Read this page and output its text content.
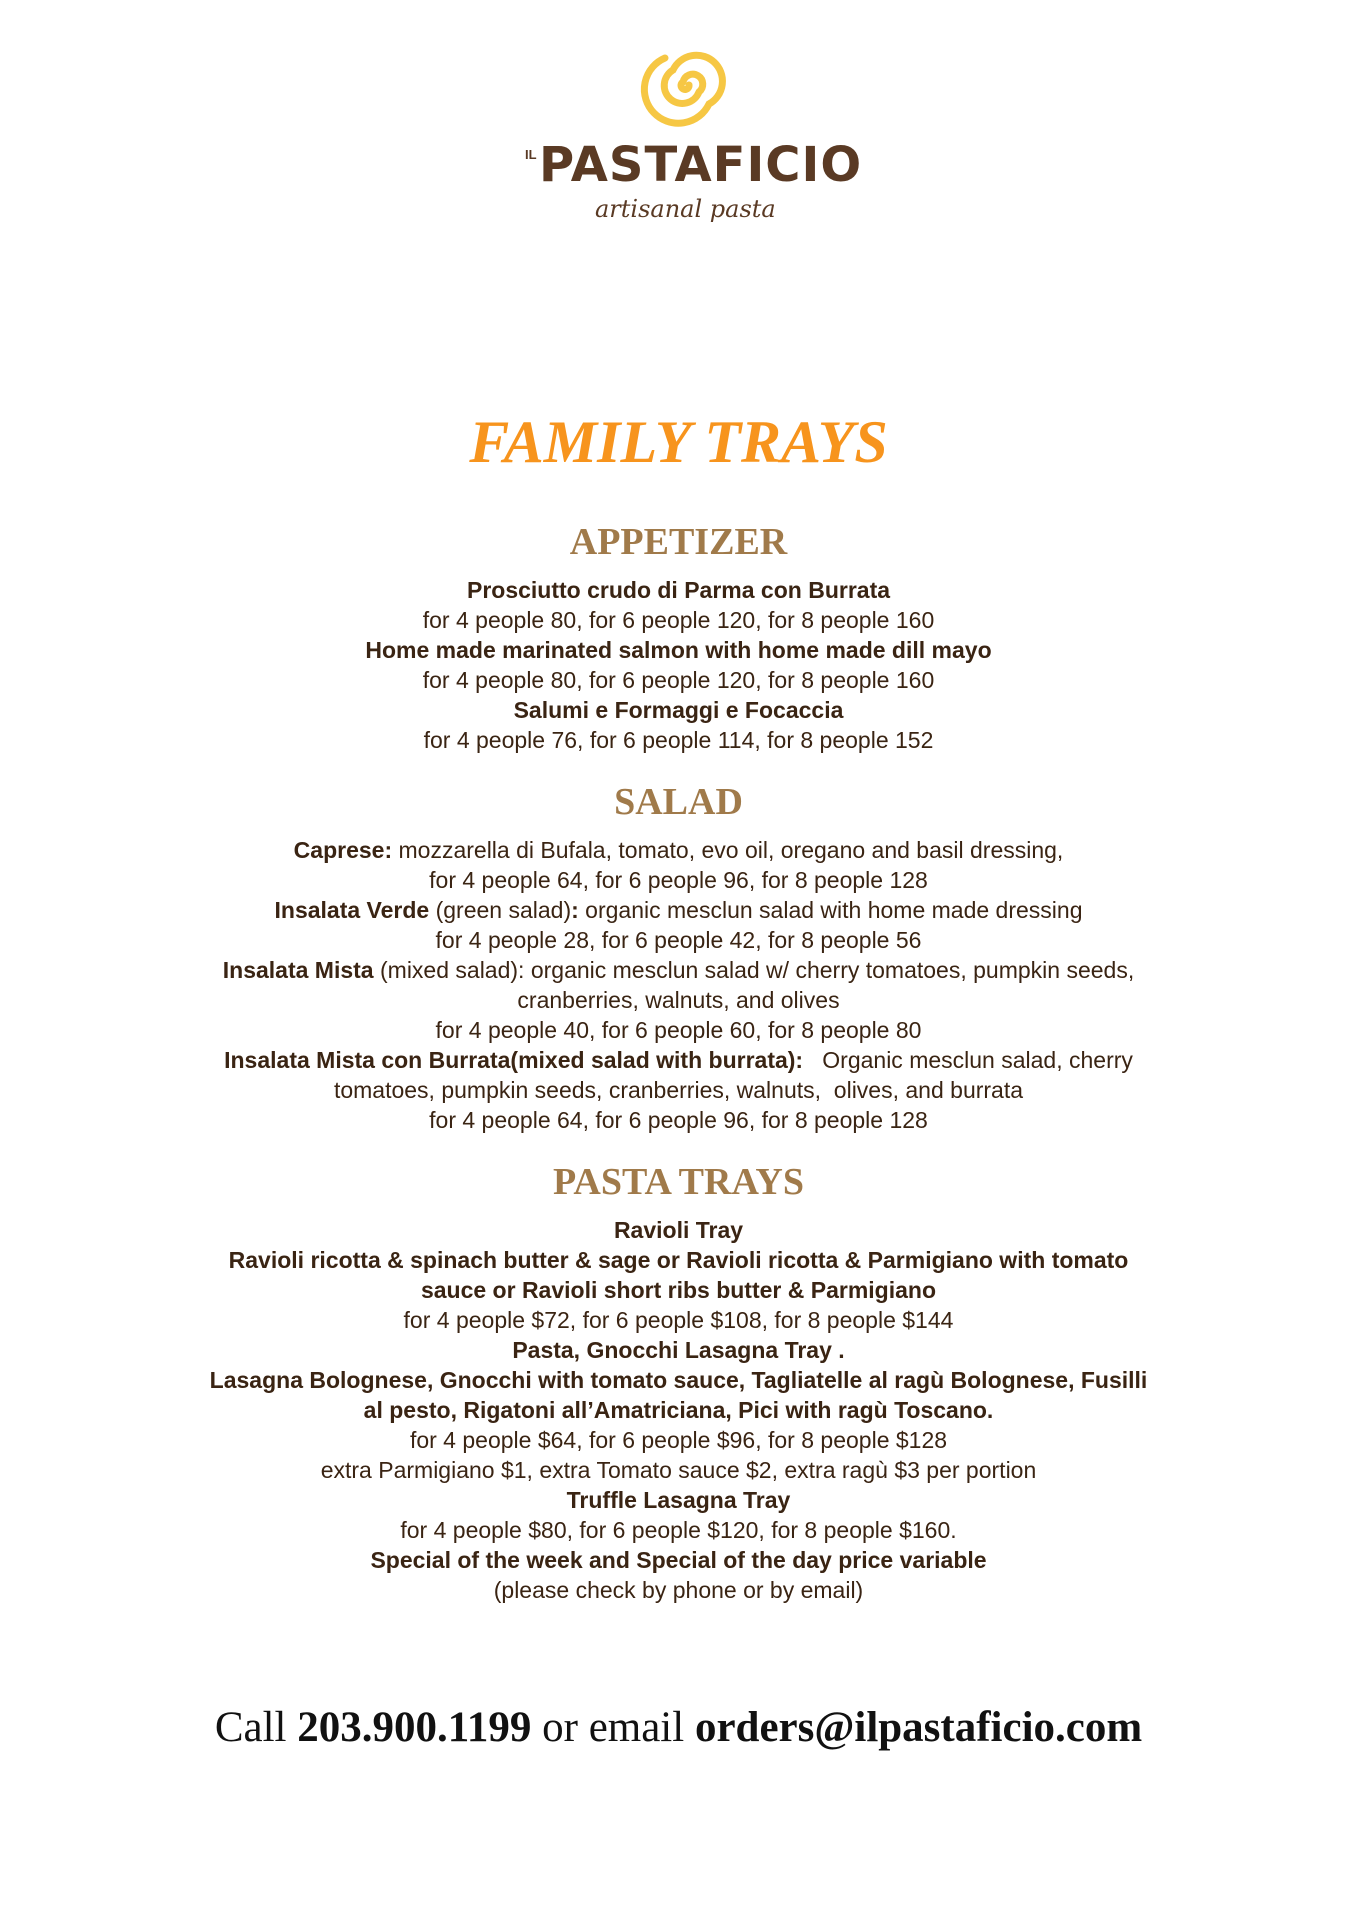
IL PASTAFICIO
artisanal pasta
FAMILY TRAYS
APPETIZER
Prosciutto crudo di Parma con Burrata
for 4 people 80, for 6 people 120, for 8 people 160
Home made marinated salmon with home made dill mayo
for 4 people 80, for 6 people 120, for 8 people 160
Salumi e Formaggi e Focaccia
for 4 people 76, for 6 people 114, for 8 people 152
SALAD
Caprese: mozzarella di Bufala, tomato, evo oil, oregano and basil dressing,
for 4 people 64, for 6 people 96, for 8 people 128
Insalata Verde (green salad): organic mesclun salad with home made dressing
for 4 people 28, for 6 people 42, for 8 people 56
Insalata Mista (mixed salad): organic mesclun salad w/ cherry tomatoes, pumpkin seeds,
cranberries, walnuts, and olives
for 4 people 40, for 6 people 60, for 8 people 80
Insalata Mista con Burrata(mixed salad with burrata):   Organic mesclun salad, cherry
tomatoes, pumpkin seeds, cranberries, walnuts,  olives, and burrata
for 4 people 64, for 6 people 96, for 8 people 128
PASTA TRAYS
Ravioli Tray
Ravioli ricotta & spinach butter & sage or Ravioli ricotta & Parmigiano with tomato
sauce or Ravioli short ribs butter & Parmigiano
for 4 people $72, for 6 people $108, for 8 people $144
Pasta, Gnocchi Lasagna Tray .
Lasagna Bolognese, Gnocchi with tomato sauce, Tagliatelle al ragù Bolognese, Fusilli
al pesto, Rigatoni all’Amatriciana, Pici with ragù Toscano.
for 4 people $64, for 6 people $96, for 8 people $128
extra Parmigiano $1, extra Tomato sauce $2, extra ragù $3 per portion
Truffle Lasagna Tray
for 4 people $80, for 6 people $120, for 8 people $160.
Special of the week and Special of the day price variable
(please check by phone or by email)
Call 203.900.1199 or email orders@ilpastaficio.com
